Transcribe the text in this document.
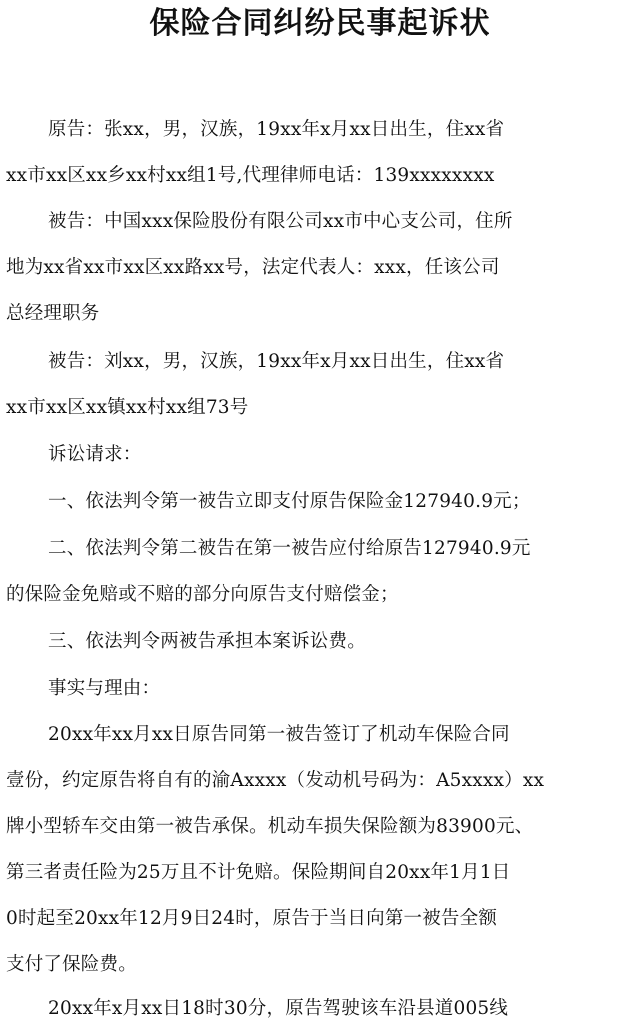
保险合同纠纷民事起诉状
原告：张xx，男，汉族，19xx年x月xx日出生，住xx省
xx市xx区xx乡xx村xx组1号,代理律师电话：139xxxxxxxx
被告：中国xxx保险股份有限公司xx市中心支公司，住所
地为xx省xx市xx区xx路xx号，法定代表人：xxx，任该公司
总经理职务
被告：刘xx，男，汉族，19xx年x月xx日出生，住xx省
xx市xx区xx镇xx村xx组73号
诉讼请求：
一、依法判令第一被告立即支付原告保险金127940.9元；
二、依法判令第二被告在第一被告应付给原告127940.9元
的保险金免赔或不赔的部分向原告支付赔偿金；
三、依法判令两被告承担本案诉讼费。
事实与理由：
20xx年xx月xx日原告同第一被告签订了机动车保险合同
壹份，约定原告将自有的渝Axxxx（发动机号码为：A5xxxx）xx
牌小型轿车交由第一被告承保。机动车损失保险额为83900元、
第三者责任险为25万且不计免赔。保险期间自20xx年1月1日
0时起至20xx年12月9日24时，原告于当日向第一被告全额
支付了保险费。
20xx年x月xx日18时30分，原告驾驶该车沿县道005线
